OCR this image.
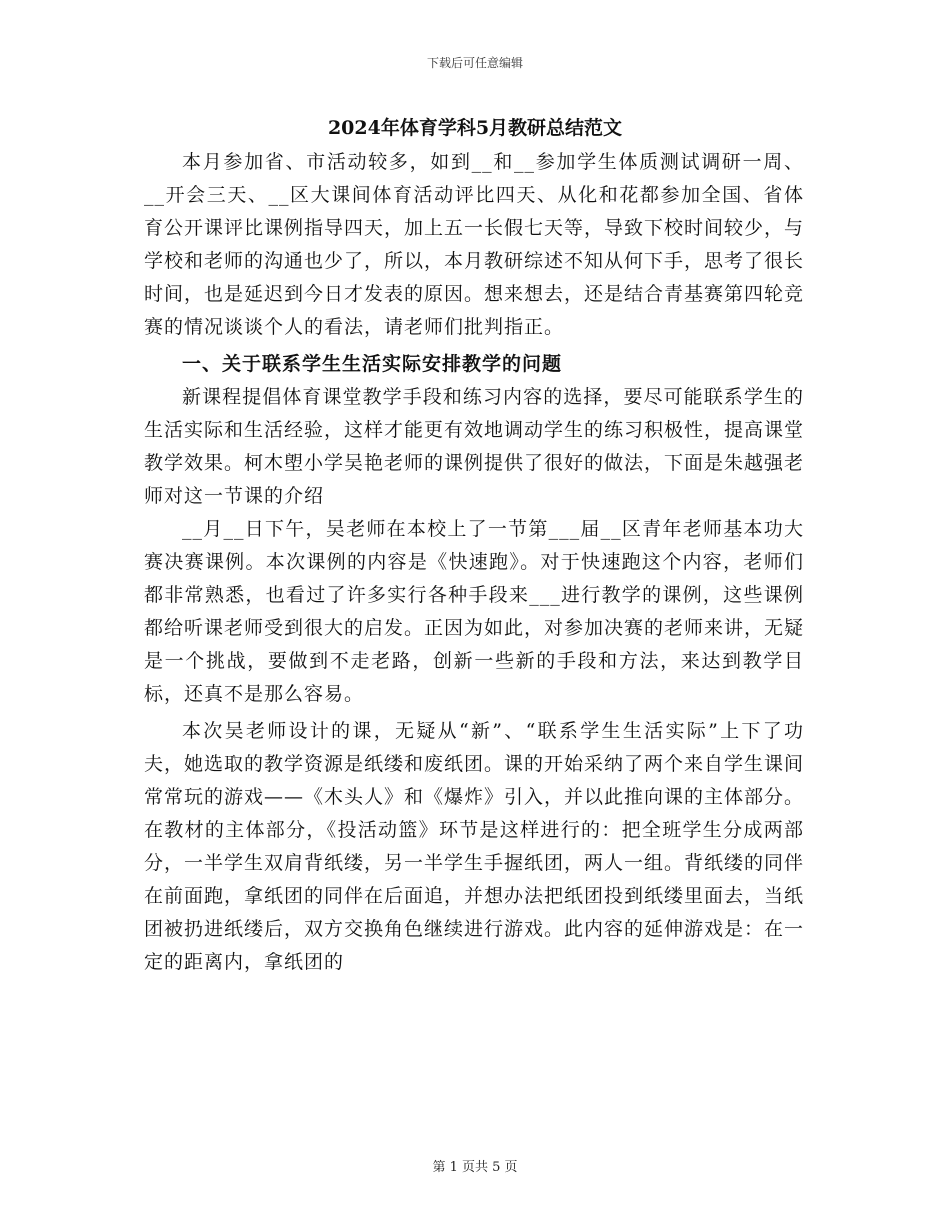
下载后可任意编辑
2024年体育学科5月教研总结范文

本月参加省、市活动较多，如到__和__参加学生体质测试调研一周、__开会三天、__区大课间体育活动评比四天、从化和花都参加全国、省体育公开课评比课例指导四天，加上五一长假七天等，导致下校时间较少，与学校和老师的沟通也少了，所以，本月教研综述不知从何下手，思考了很长时间，也是延迟到今日才发表的原因。想来想去，还是结合青基赛第四轮竞赛的情况谈谈个人的看法，请老师们批判指正。

一、关于联系学生生活实际安排教学的问题

新课程提倡体育课堂教学手段和练习内容的选择，要尽可能联系学生的生活实际和生活经验，这样才能更有效地调动学生的练习积极性，提高课堂教学效果。柯木塱小学吴艳老师的课例提供了很好的做法，下面是朱越强老师对这一节课的介绍

__月__日下午，吴老师在本校上了一节第___届__区青年老师基本功大赛决赛课例。本次课例的内容是《快速跑》。对于快速跑这个内容，老师们都非常熟悉，也看过了许多实行各种手段来___进行教学的课例，这些课例都给听课老师受到很大的启发。正因为如此，对参加决赛的老师来讲，无疑是一个挑战，要做到不走老路，创新一些新的手段和方法，来达到教学目标，还真不是那么容易。

本次吴老师设计的课，无疑从“新”、“联系学生生活实际”上下了功夫，她选取的教学资源是纸缕和废纸团。课的开始采纳了两个来自学生课间常常玩的游戏——《木头人》和《爆炸》引入，并以此推向课的主体部分。在教材的主体部分，《投活动篮》环节是这样进行的：把全班学生分成两部分，一半学生双肩背纸缕，另一半学生手握纸团，两人一组。背纸缕的同伴在前面跑，拿纸团的同伴在后面追，并想办法把纸团投到纸缕里面去，当纸团被扔进纸缕后，双方交换角色继续进行游戏。此内容的延伸游戏是：在一定的距离内，拿纸团的

第 1 页共 5 页
